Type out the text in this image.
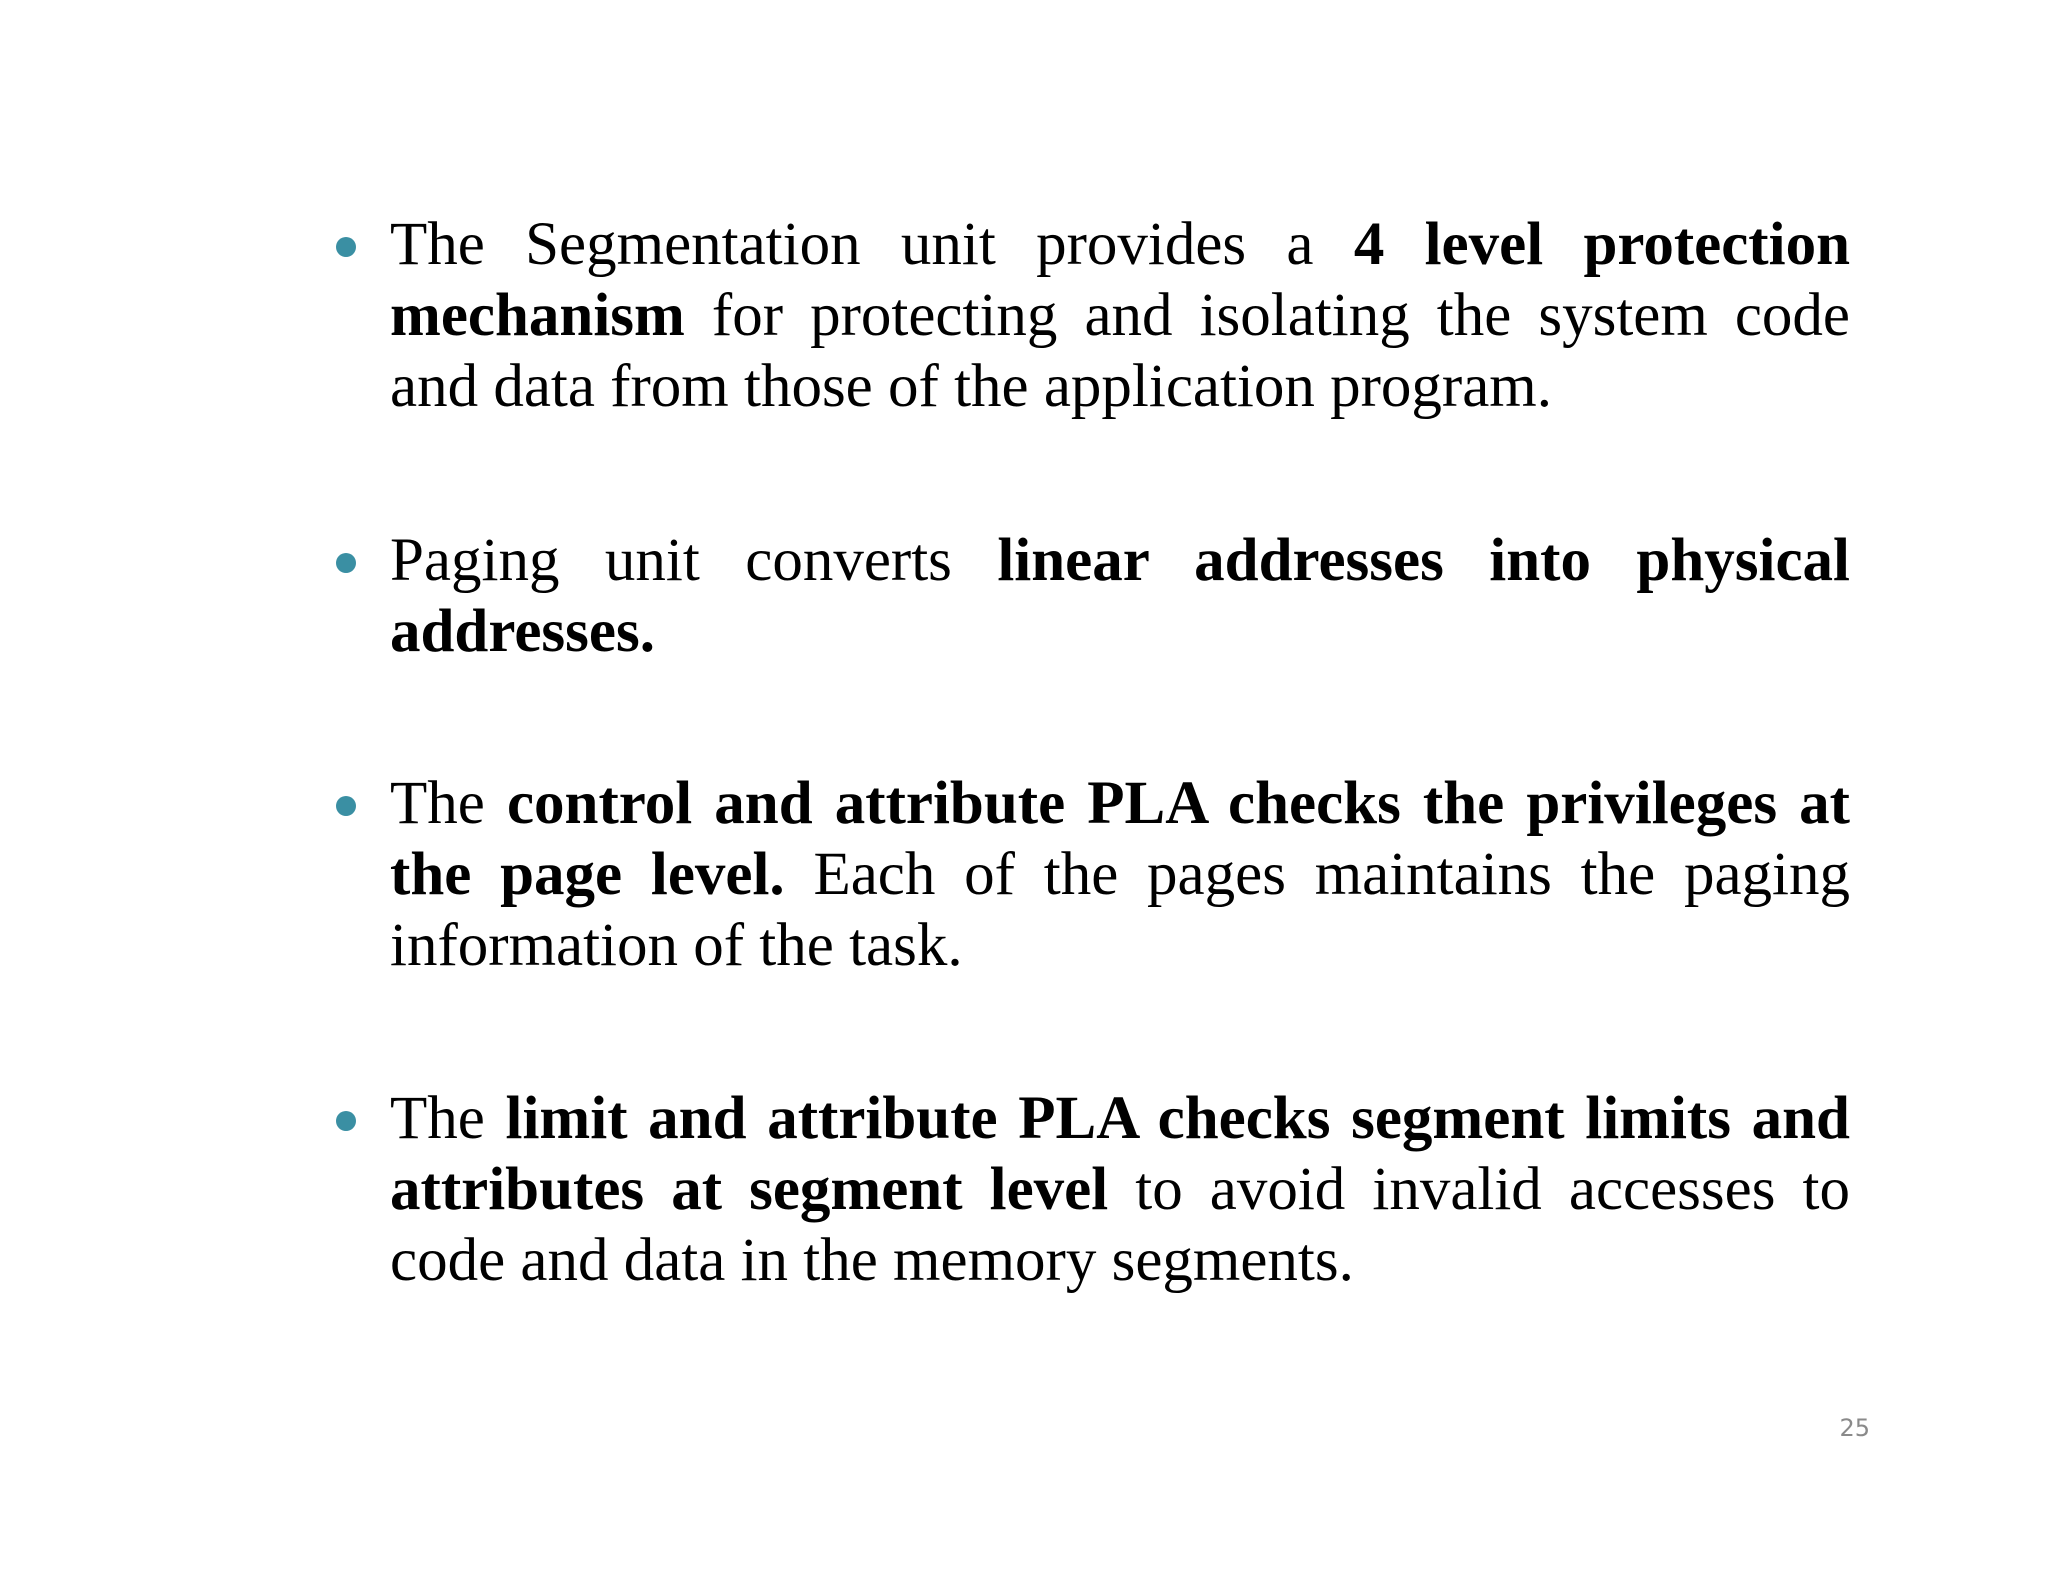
The Segmentation unit provides a 4 level protection mechanism for protecting and isolating the system code and data from those of the application program.
Paging unit converts linear addresses into physical addresses.
The control and attribute PLA checks the privileges at the page level. Each of the pages maintains the paging information of the task.
The limit and attribute PLA checks segment limits and attributes at segment level to avoid invalid accesses to code and data in the memory segments.
25
